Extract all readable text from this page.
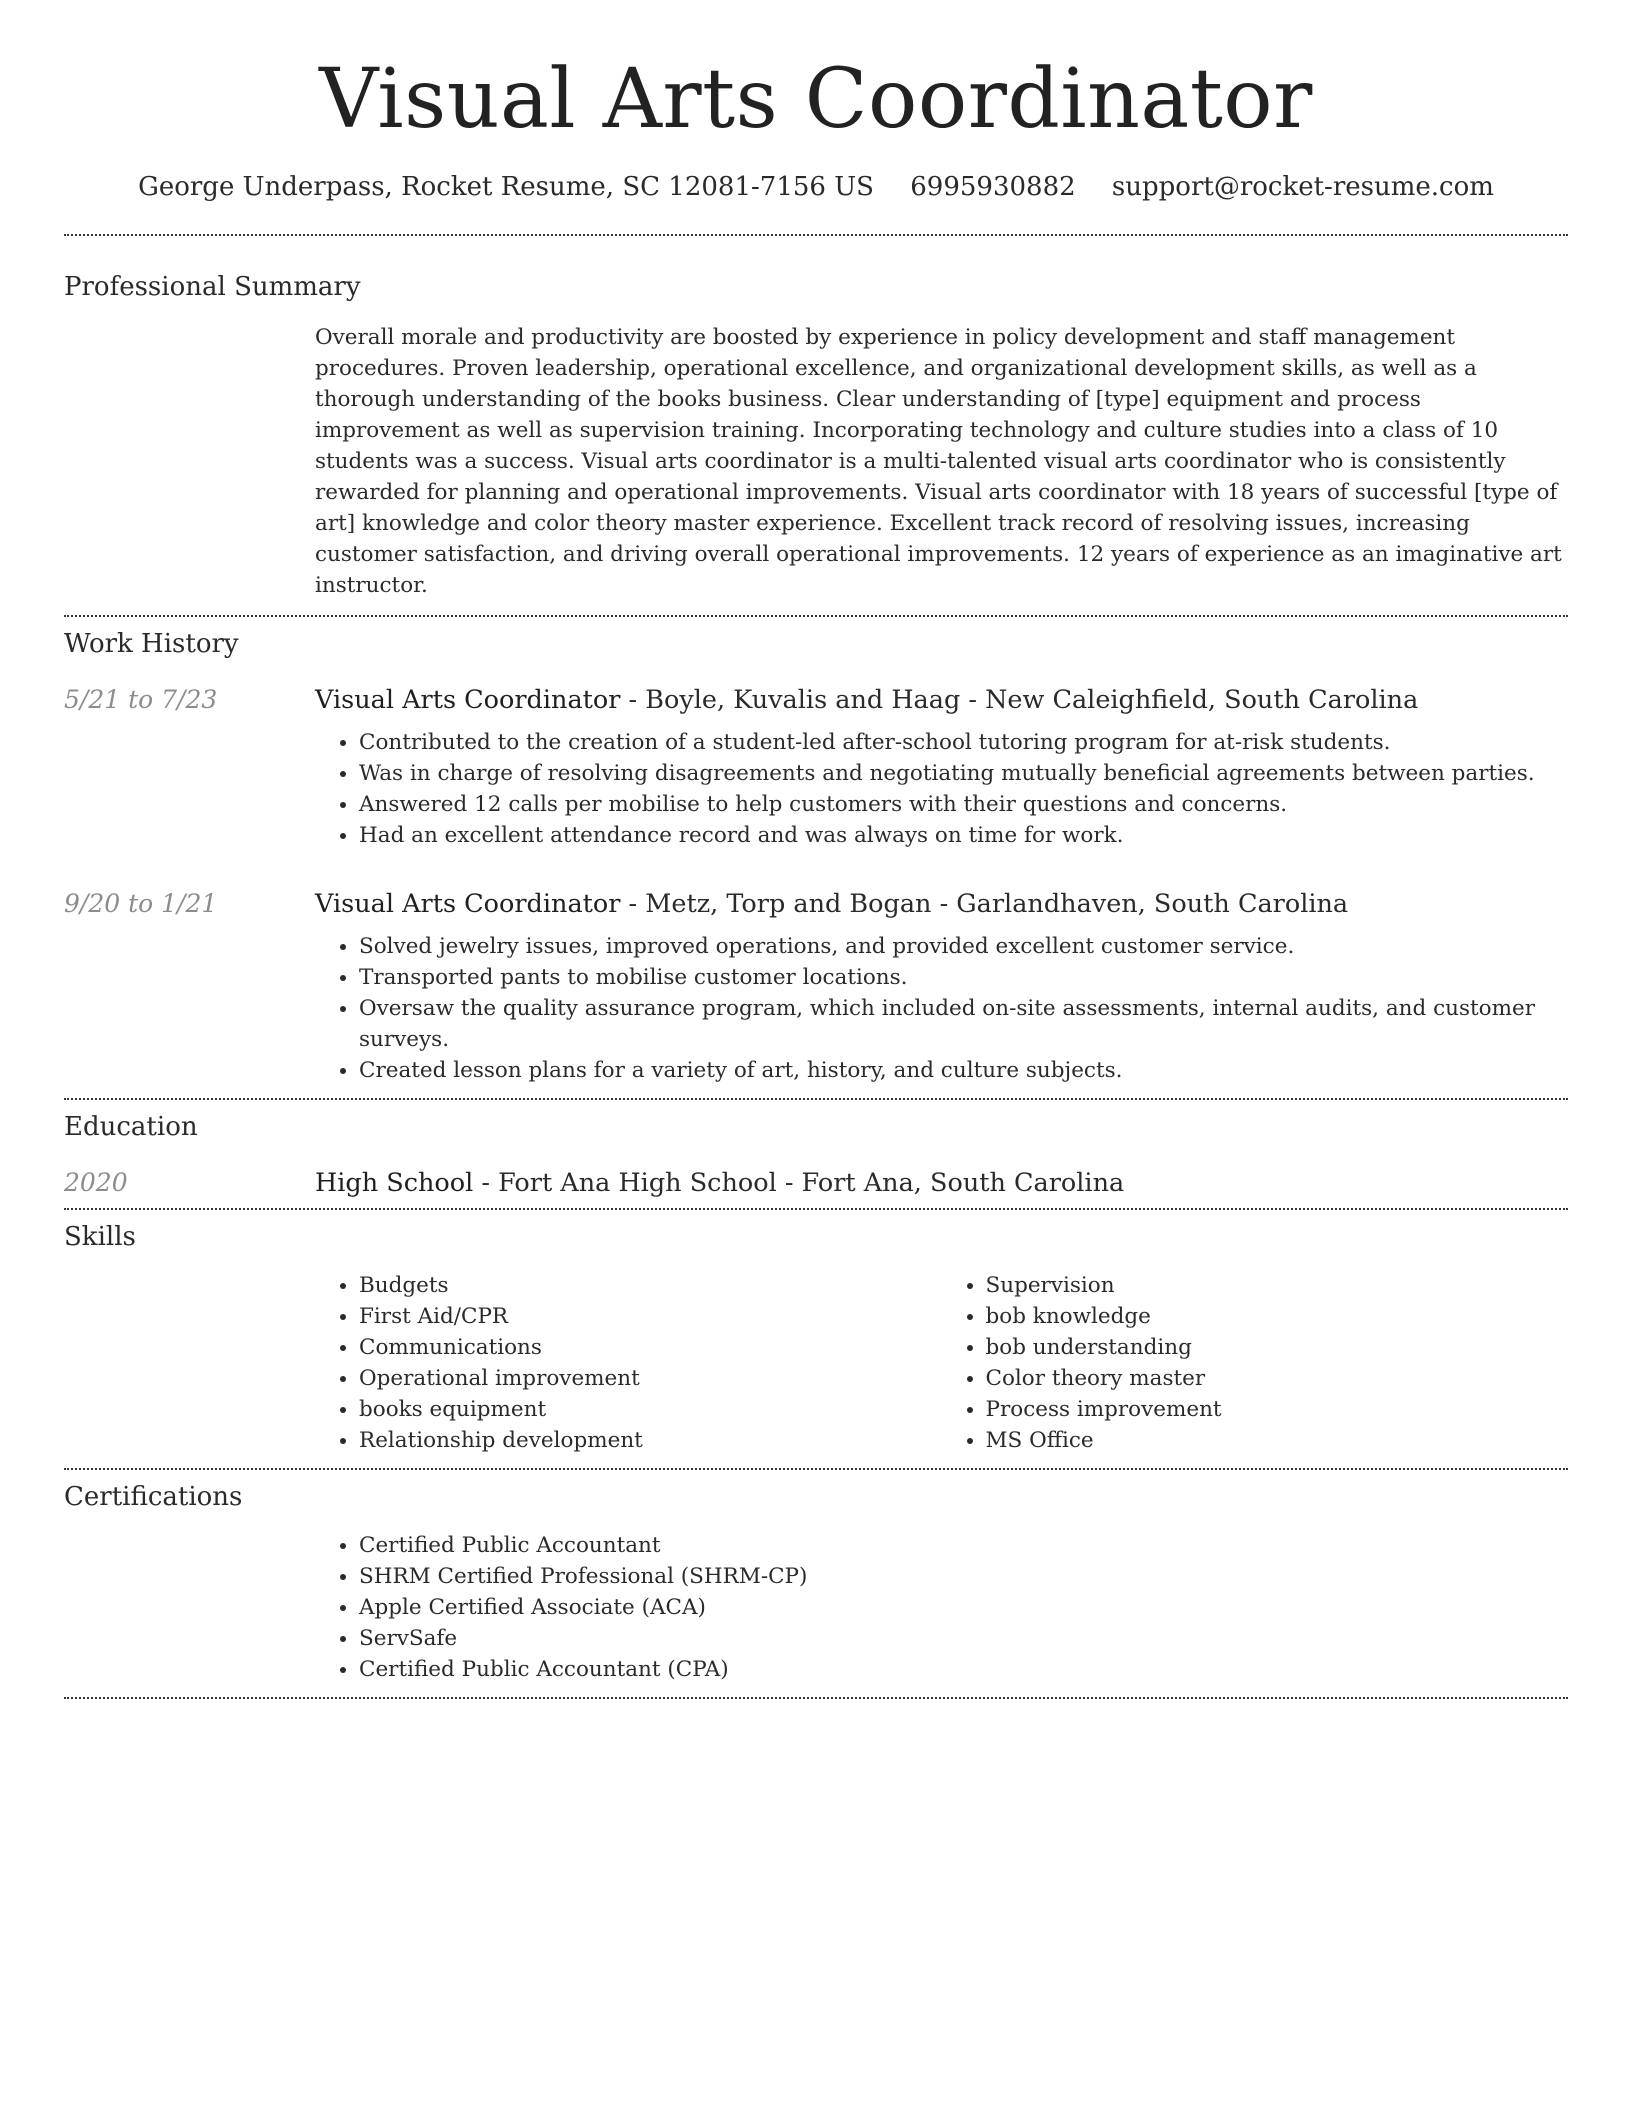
Visual Arts Coordinator
George Underpass, Rocket Resume, SC 12081-7156 US 6995930882 support@rocket-resume.com
Professional Summary

Overall morale and productivity are boosted by experience in policy development and staff management procedures. Proven leadership, operational excellence, and organizational development skills, as well as a thorough understanding of the books business. Clear understanding of [type] equipment and process improvement as well as supervision training. Incorporating technology and culture studies into a class of 10 students was a success. Visual arts coordinator is a multi-talented visual arts coordinator who is consistently rewarded for planning and operational improvements. Visual arts coordinator with 18 years of successful [type of art] knowledge and color theory master experience. Excellent track record of resolving issues, increasing customer satisfaction, and driving overall operational improvements. 12 years of experience as an imaginative art instructor.

Work History
5/21 to 7/23	Visual Arts Coordinator - Boyle, Kuvalis and Haag - New Caleighfield, South Carolina
• Contributed to the creation of a student-led after-school tutoring program for at-risk students.
• Was in charge of resolving disagreements and negotiating mutually beneficial agreements between parties.
• Answered 12 calls per mobilise to help customers with their questions and concerns.
• Had an excellent attendance record and was always on time for work.
9/20 to 1/21	Visual Arts Coordinator - Metz, Torp and Bogan - Garlandhaven, South Carolina
• Solved jewelry issues, improved operations, and provided excellent customer service.
• Transported pants to mobilise customer locations.
• Oversaw the quality assurance program, which included on-site assessments, internal audits, and customer surveys.
• Created lesson plans for a variety of art, history, and culture subjects.
Education
2020	High School - Fort Ana High School - Fort Ana, South Carolina
Skills
• Budgets
• First Aid/CPR
• Communications
• Operational improvement
• books equipment
• Relationship development
• Supervision
• bob knowledge
• bob understanding
• Color theory master
• Process improvement
• MS Office
Certifications
• Certified Public Accountant
• SHRM Certified Professional (SHRM-CP)
• Apple Certified Associate (ACA)
• ServSafe
• Certified Public Accountant (CPA)
